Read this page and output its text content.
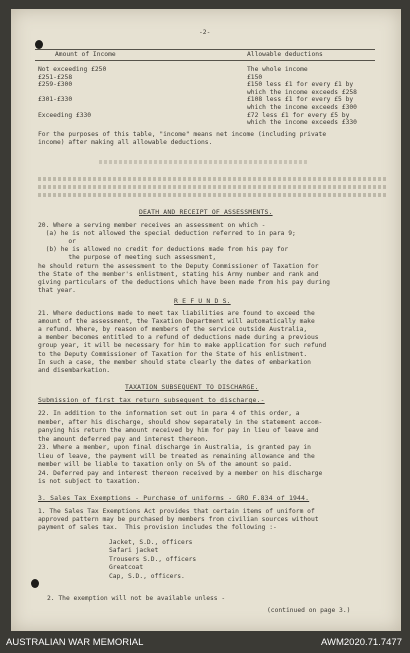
-2-
Amount of Income	Allowable deductions
Not exceeding £250	The whole income
£251-£258	£150
£259-£300	£150 less £1 for every £1 by
which the income exceeds £258
£301-£330	£108 less £1 for every £5 by
which the income exceeds £300
Exceeding £330	£72 less £1 for every £5 by
which the income exceeds £330
For the purposes of this table, "income" means net income (including private
income) after making all allowable deductions.
DEATH AND RECEIPT OF ASSESSMENTS.
20. Where a serving member receives an assessment on which -
(a) he is not allowed the special deduction referred to in para 9;
or
(b) he is allowed no credit for deductions made from his pay for
the purpose of meeting such assessment,
he should return the assessment to the Deputy Commissioner of Taxation for
the State of the member's enlistment, stating his Army number and rank and
giving particulars of the deductions which have been made from his pay during
that year.
R E F U N D S.
21. Where deductions made to meet tax liabilities are found to exceed the
amount of the assessment, the Taxation Department will automatically make
a refund. Where, by reason of members of the service outside Australia,
a member becomes entitled to a refund of deductions made during a previous
group year, it will be necessary for him to make application for such refund
to the Deputy Commissioner of Taxation for the State of his enlistment.
In such a case, the member should state clearly the dates of embarkation
and disembarkation.
TAXATION SUBSEQUENT TO DISCHARGE.
Submission of first tax return subsequent to discharge.-
22. In addition to the information set out in para 4 of this order, a
member, after his discharge, should show separately in the statement accom-
panying his return the amount received by him for pay in lieu of leave and
the amount deferred pay and interest thereon.
23. Where a member, upon final discharge in Australia, is granted pay in
lieu of leave, the payment will be treated as remaining allowance and the
member will be liable to taxation only on 5% of the amount so paid.
24. Deferred pay and interest thereon received by a member on his discharge
is not subject to taxation.
3. Sales Tax Exemptions - Purchase of uniforms - GRO F.834 of 1944.
1. The Sales Tax Exemptions Act provides that certain items of uniform of
approved pattern may be purchased by members from civilian sources without
payment of sales tax.  This provision includes the following :-
Jacket, S.D., officers
Safari jacket
Trousers S.D., officers
Greatcoat
Cap, S.D., officers.
2. The exemption will not be available unless -
(continued on page 3.)
AUSTRALIAN WAR MEMORIAL	AWM2020.71.7477
